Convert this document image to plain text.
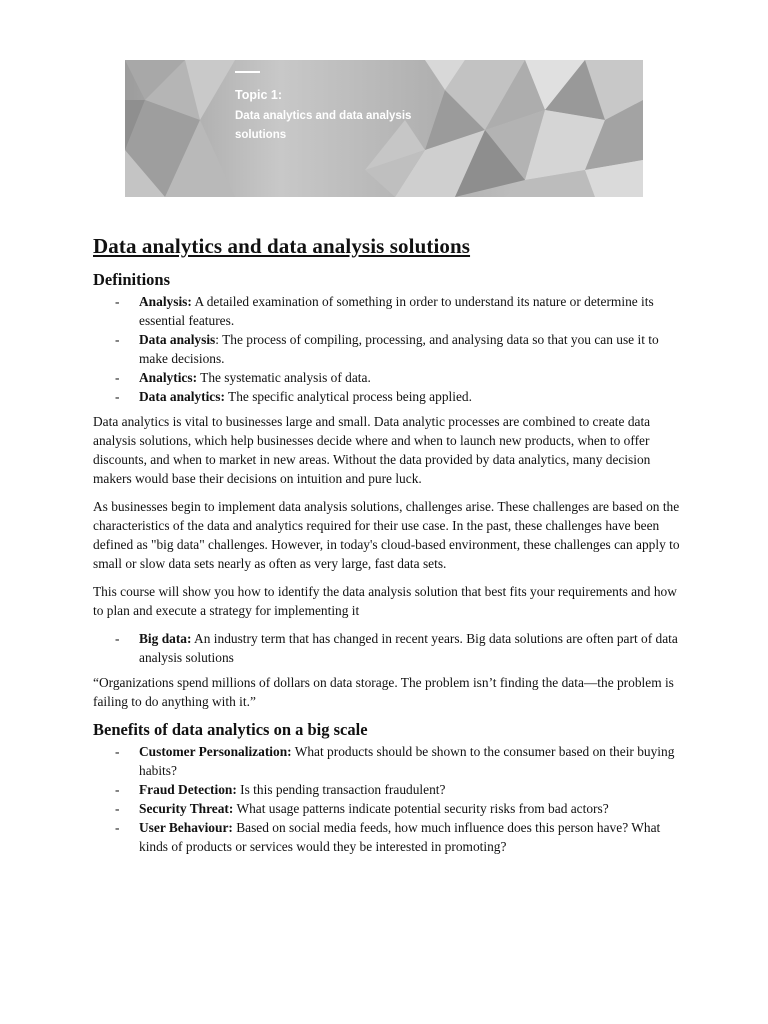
Topic 1:
Data analytics and data analysis solutions
Data analytics and data analysis solutions
Definitions
- Analysis: A detailed examination of something in order to understand its nature or determine its essential features.
- Data analysis: The process of compiling, processing, and analysing data so that you can use it to make decisions.
- Analytics: The systematic analysis of data.
- Data analytics: The specific analytical process being applied.

Data analytics is vital to businesses large and small. Data analytic processes are combined to create data analysis solutions, which help businesses decide where and when to launch new products, when to offer discounts, and when to market in new areas. Without the data provided by data analytics, many decision makers would base their decisions on intuition and pure luck.

As businesses begin to implement data analysis solutions, challenges arise. These challenges are based on the characteristics of the data and analytics required for their use case. In the past, these challenges have been defined as "big data" challenges. However, in today's cloud-based environment, these challenges can apply to small or slow data sets nearly as often as very large, fast data sets.

This course will show you how to identify the data analysis solution that best fits your requirements and how to plan and execute a strategy for implementing it

- Big data: An industry term that has changed in recent years. Big data solutions are often part of data analysis solutions

“Organizations spend millions of dollars on data storage. The problem isn’t finding the data—the problem is failing to do anything with it.”

Benefits of data analytics on a big scale
- Customer Personalization: What products should be shown to the consumer based on their buying habits?
- Fraud Detection: Is this pending transaction fraudulent?
- Security Threat: What usage patterns indicate potential security risks from bad actors?
- User Behaviour: Based on social media feeds, how much influence does this person have? What kinds of products or services would they be interested in promoting?
